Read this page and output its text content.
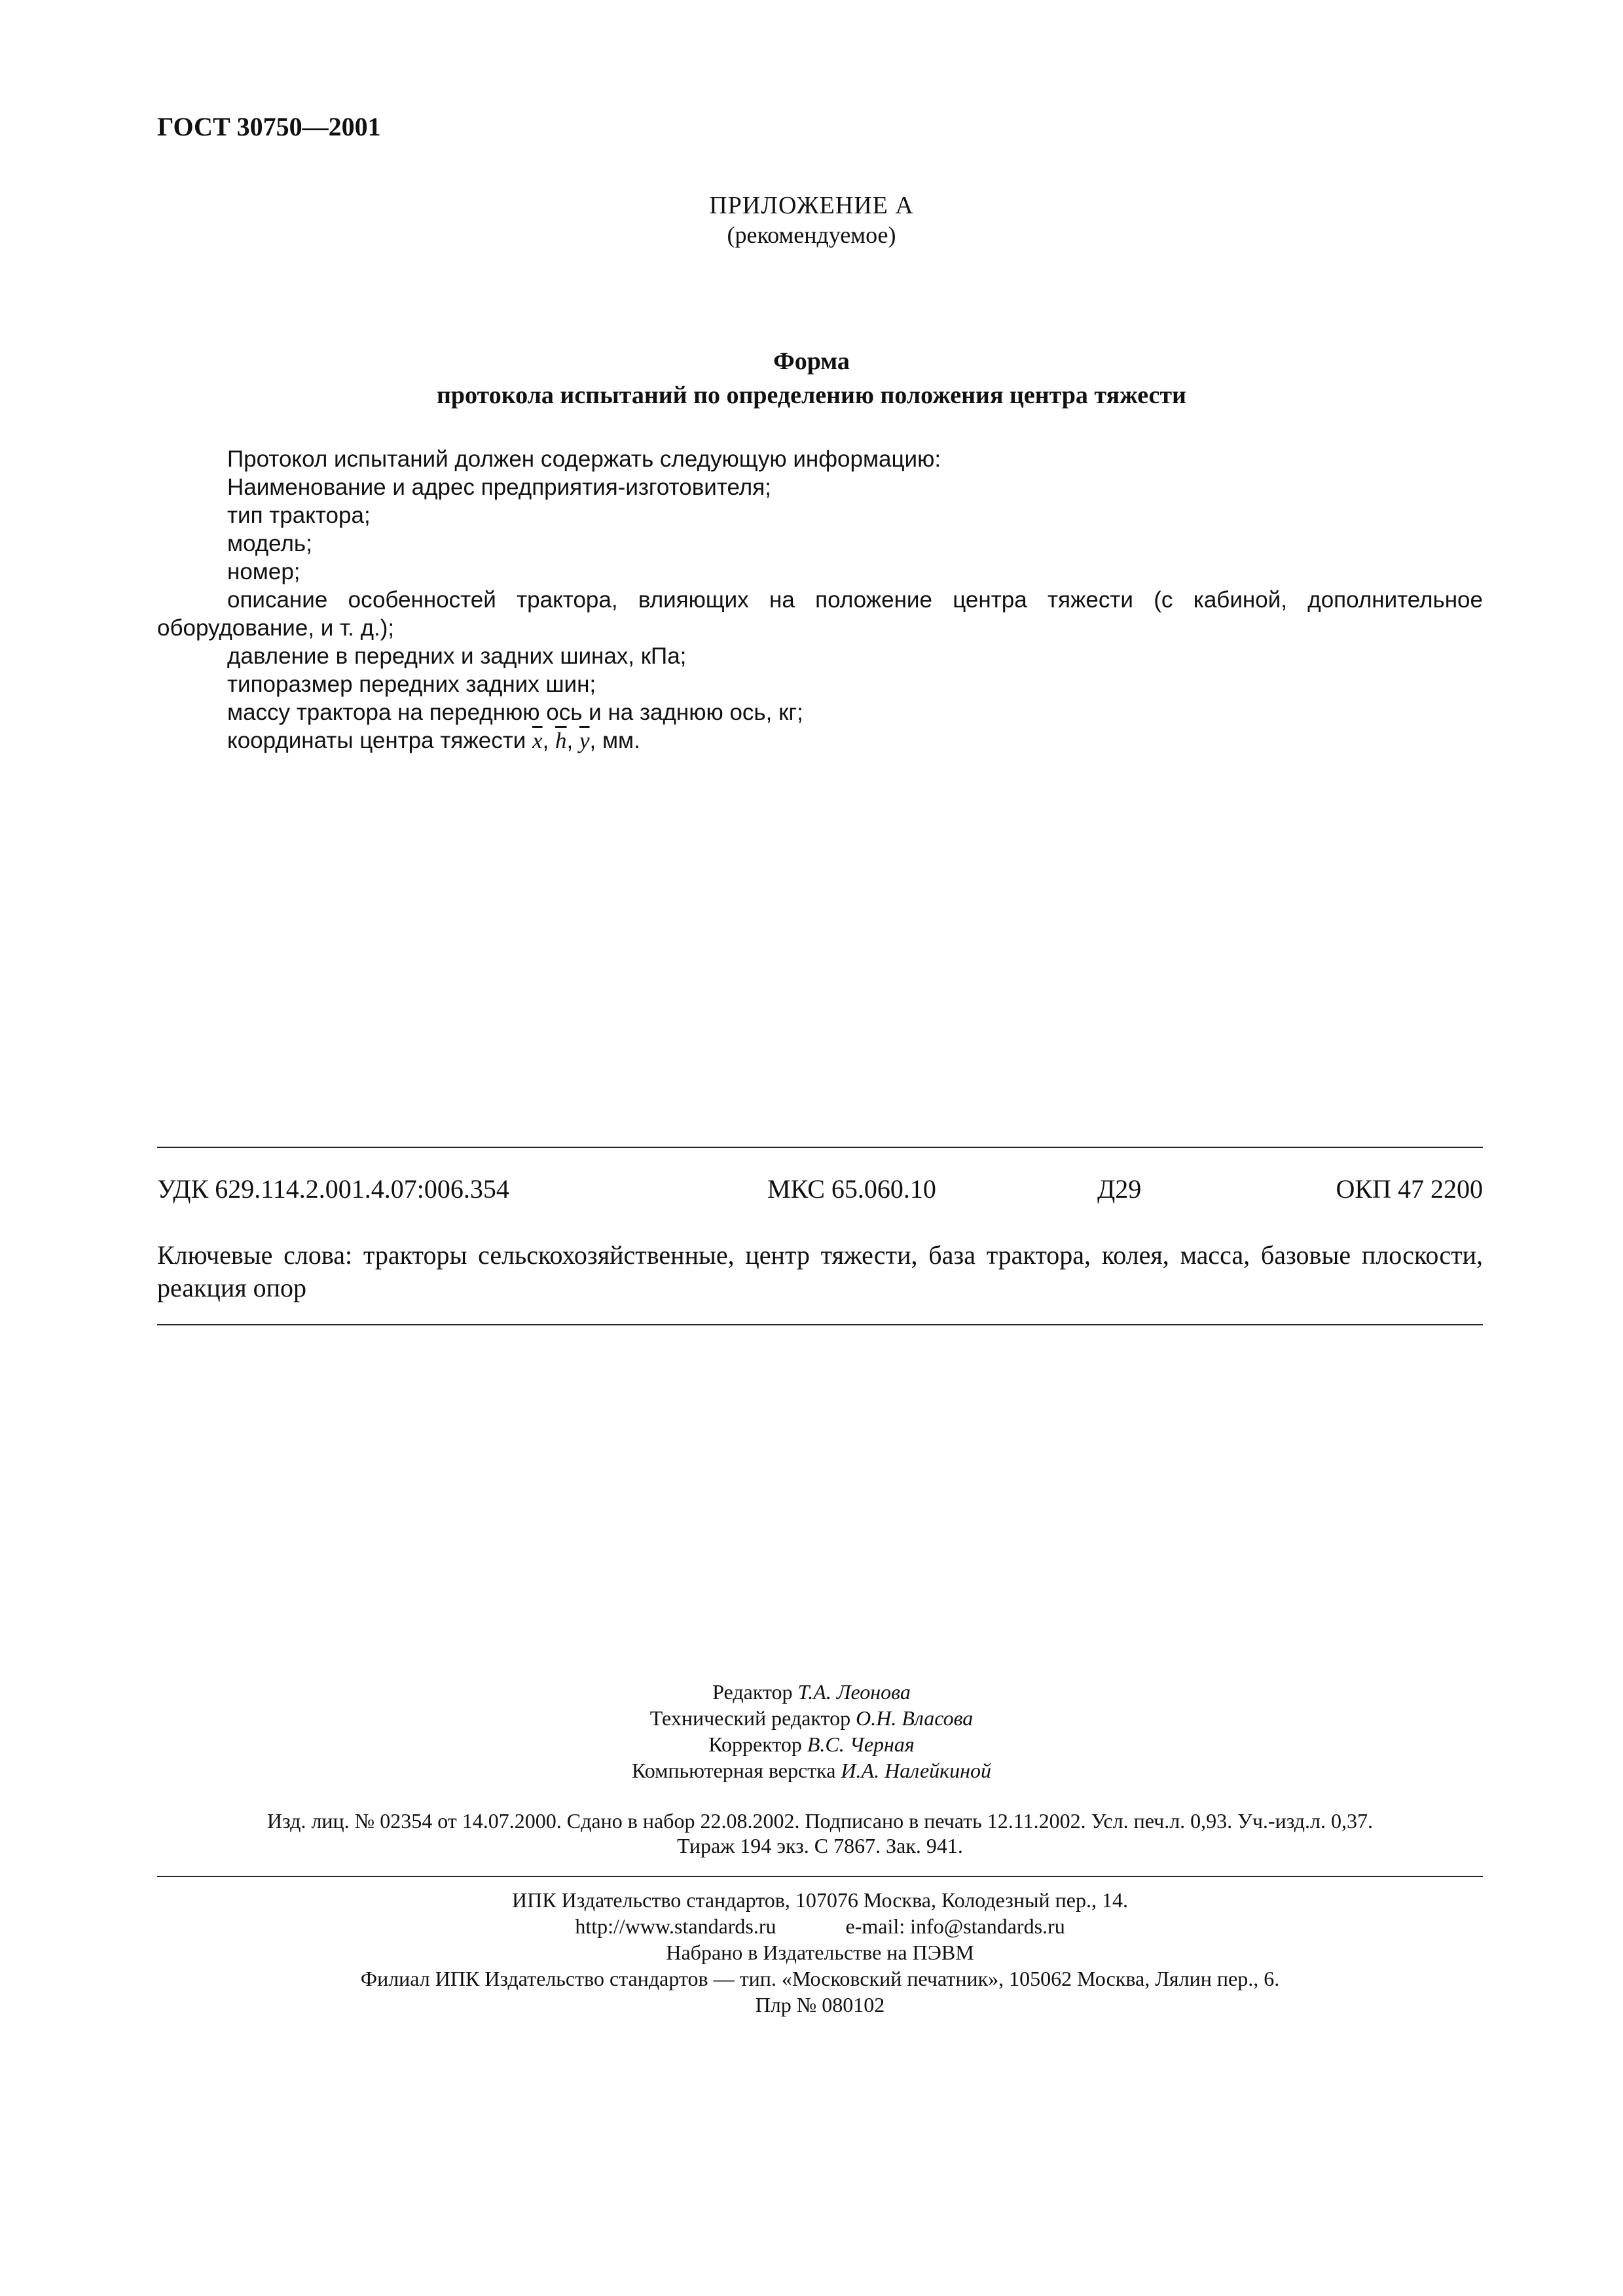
ГОСТ 30750—2001
ПРИЛОЖЕНИЕ А
(рекомендуемое)
Форма
протокола испытаний по определению положения центра тяжести

Протокол испытаний должен содержать следующую информацию:

Наименование и адрес предприятия-изготовителя;

тип трактора;

модель;

номер;

описание особенностей трактора, влияющих на положение центра тяжести (с кабиной, дополнительное оборудование, и т. д.);

давление в передних и задних шинах, кПа;

типоразмер передних задних шин;

массу трактора на переднюю ось и на заднюю ось, кг;

координаты центра тяжести $\overline{x}$, $\overline{h}$, $\overline{y}$, мм.

УДК 629.114.2.001.4.07:006.354	МКС 65.060.10	Д29	ОКП 47 2200
Ключевые слова: тракторы сельскохозяйственные, центр тяжести, база трактора, колея, масса, базовые плоскости, реакция опор
Редактор Т.А. Леонова
Технический редактор О.Н. Власова
Корректор В.С. Черная
Компьютерная верстка И.А. Налейкиной
Изд. лиц. № 02354 от 14.07.2000. Сдано в набор 22.08.2002. Подписано в печать 12.11.2002. Усл. печ.л. 0,93. Уч.-изд.л. 0,37.
Тираж 194 экз. С 7867. Зак. 941.
ИПК Издательство стандартов, 107076 Москва, Колодезный пер., 14.
http://www.standards.ru	e-mail: info@standards.ru
Набрано в Издательстве на ПЭВМ
Филиал ИПК Издательство стандартов — тип. «Московский печатник», 105062 Москва, Лялин пер., 6.
Плр № 080102
